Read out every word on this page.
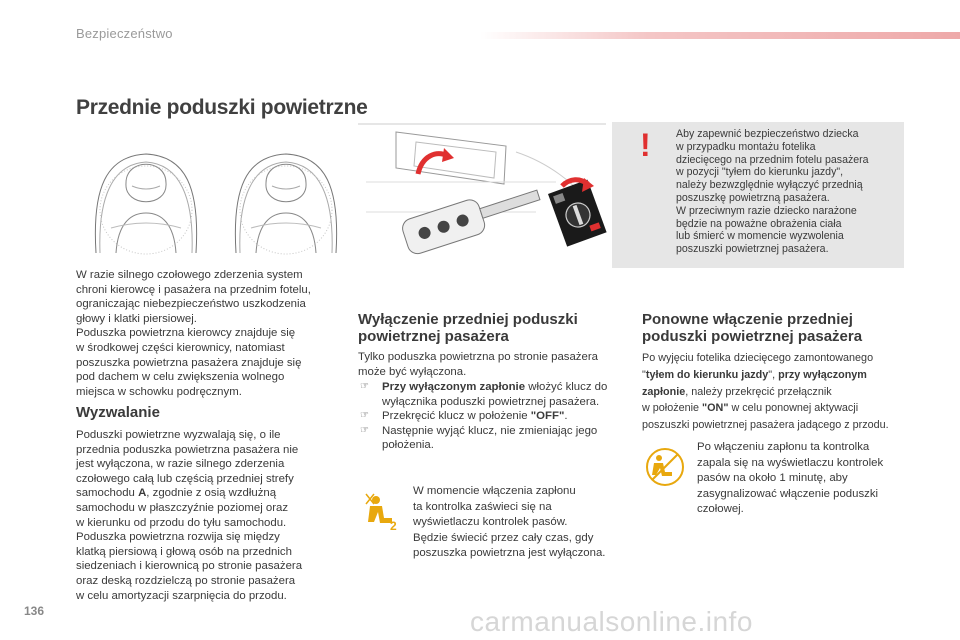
Bezpieczeństwo
Przednie poduszki powietrzne
! Aby zapewnić bezpieczeństwo dziecka
w przypadku montażu fotelika
dziecięcego na przednim fotelu pasażera
w pozycji "tyłem do kierunku jazdy",
należy bezwzględnie wyłączyć przednią
poszuszkę powietrzną pasażera.
W przeciwnym razie dziecko narażone
będzie na poważne obrażenia ciała
lub śmierć w momencie wyzwolenia
poszuszki powietrznej pasażera.

W razie silnego czołowego zderzenia system
chroni kierowcę i pasażera na przednim fotelu,
ograniczając niebezpieczeństwo uszkodzenia
głowy i klatki piersiowej.

Poduszka powietrzna kierowcy znajduje się
w środkowej części kierownicy, natomiast
poszuszka powietrzna pasażera znajduje się
pod dachem w celu zwiększenia wolnego
miejsca w schowku podręcznym.

Wyzwalanie

Poduszki powietrzne wyzwalają się, o ile
przednia poduszka powietrzna pasażera nie
jest wyłączona, w razie silnego zderzenia
czołowego całą lub częścią przedniej strefy
samochodu A, zgodnie z osią wzdłużną
samochodu w płaszczyźnie poziomej oraz
w kierunku od przodu do tyłu samochodu.
Poduszka powietrzna rozwija się między
klatką piersiową i głową osób na przednich
siedzeniach i kierownicą po stronie pasażera
oraz deską rozdzielczą po stronie pasażera
w celu amortyzacji szarpnięcia do przodu.

Wyłączenie przedniej poduszki
powietrznej pasażera

Tylko poduszka powietrzna po stronie pasażera
może być wyłączona.

☞ Przy wyłączonym zapłonie włożyć klucz do
wyłącznika poduszki powietrznej pasażera.
☞ Przekręcić klucz w położenie "OFF".
☞ Następnie wyjąć klucz, nie zmieniając jego
położenia.
2

W momencie włączenia zapłonu
ta kontrolka zaświeci się na
wyświetlaczu kontrolek pasów.
Będzie świecić przez cały czas, gdy
poszuszka powietrzna jest wyłączona.

Ponowne włączenie przedniej
poduszki powietrznej pasażera

Po wyjęciu fotelika dziecięcego zamontowanego
"tyłem do kierunku jazdy", przy wyłączonym
zapłonie, należy przekręcić przełącznik
w położenie "ON" w celu ponownej aktywacji
poszuszki powietrznej pasażera jadącego z przodu.

Po włączeniu zapłonu ta kontrolka
zapala się na wyświetlaczu kontrolek
pasów na około 1 minutę, aby
zasygnalizować włączenie poduszki
czołowej.

136	carmanualsonline.info
